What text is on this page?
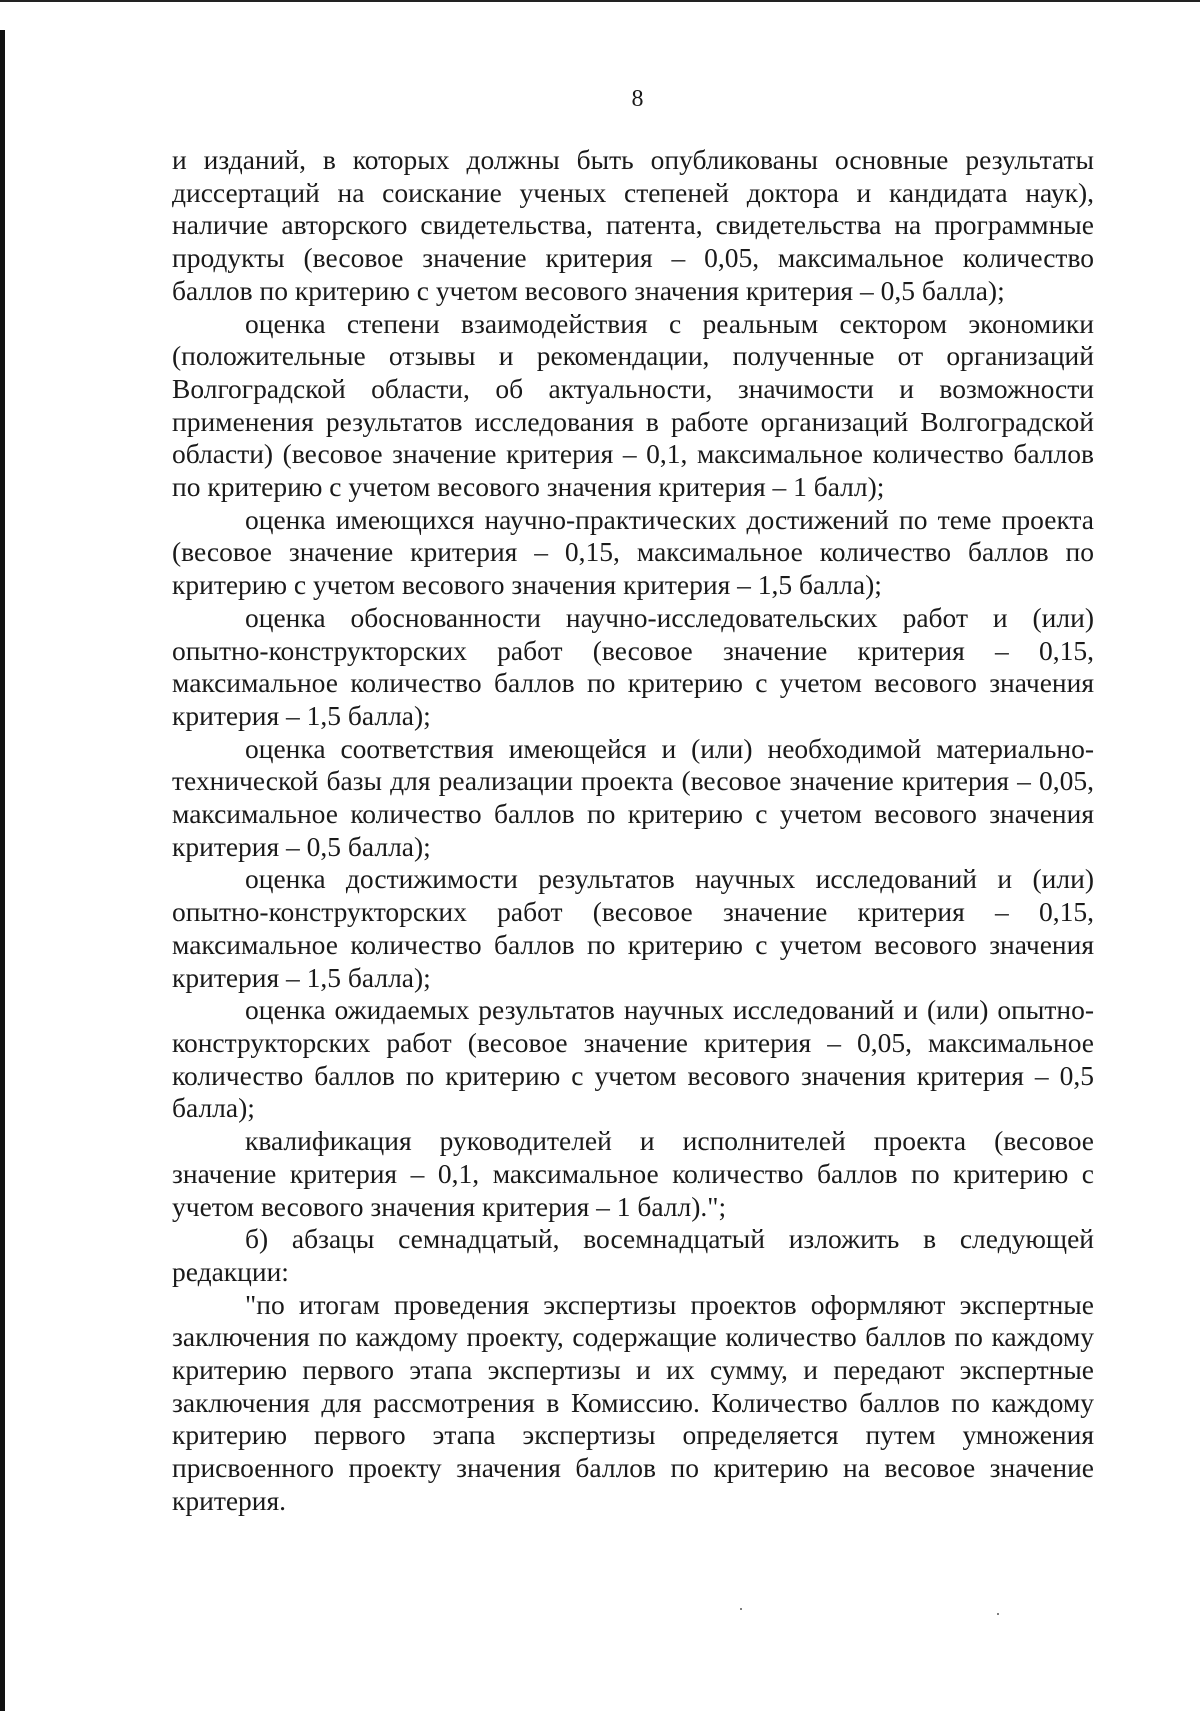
8

и изданий, в которых должны быть опубликованы основные результаты диссертаций на соискание ученых степеней доктора и кандидата наук), наличие авторского свидетельства, патента, свидетельства на программные продукты (весовое значение критерия – 0,05, максимальное количество баллов по критерию с учетом весового значения критерия – 0,5 балла);

оценка степени взаимодействия с реальным сектором экономики (положительные отзывы и рекомендации, полученные от организаций Волгоградской области, об актуальности, значимости и возможности применения результатов исследования в работе организаций Волгоградской области) (весовое значение критерия – 0,1, максимальное количество баллов по критерию с учетом весового значения критерия – 1 балл);

оценка имеющихся научно-практических достижений по теме проекта (весовое значение критерия – 0,15, максимальное количество баллов по критерию с учетом весового значения критерия – 1,5 балла);

оценка обоснованности научно-исследовательских работ и (или) опытно-конструкторских работ (весовое значение критерия – 0,15, максимальное количество баллов по критерию с учетом весового значения критерия – 1,5 балла);

оценка соответствия имеющейся и (или) необходимой материально-технической базы для реализации проекта (весовое значение критерия – 0,05, максимальное количество баллов по критерию с учетом весового значения критерия – 0,5 балла);

оценка достижимости результатов научных исследований и (или) опытно-конструкторских работ (весовое значение критерия – 0,15, максимальное количество баллов по критерию с учетом весового значения критерия – 1,5 балла);

оценка ожидаемых результатов научных исследований и (или) опытно-конструкторских работ (весовое значение критерия – 0,05, максимальное количество баллов по критерию с учетом весового значения критерия – 0,5 балла);

квалификация руководителей и исполнителей проекта (весовое значение критерия – 0,1, максимальное количество баллов по критерию с учетом весового значения критерия – 1 балл).";

б) абзацы семнадцатый, восемнадцатый изложить в следующей редакции:

"по итогам проведения экспертизы проектов оформляют экспертные заключения по каждому проекту, содержащие количество баллов по каждому критерию первого этапа экспертизы и их сумму, и передают экспертные заключения для рассмотрения в Комиссию. Количество баллов по каждому критерию первого этапа экспертизы определяется путем умножения присвоенного проекту значения баллов по критерию на весовое значение критерия.
